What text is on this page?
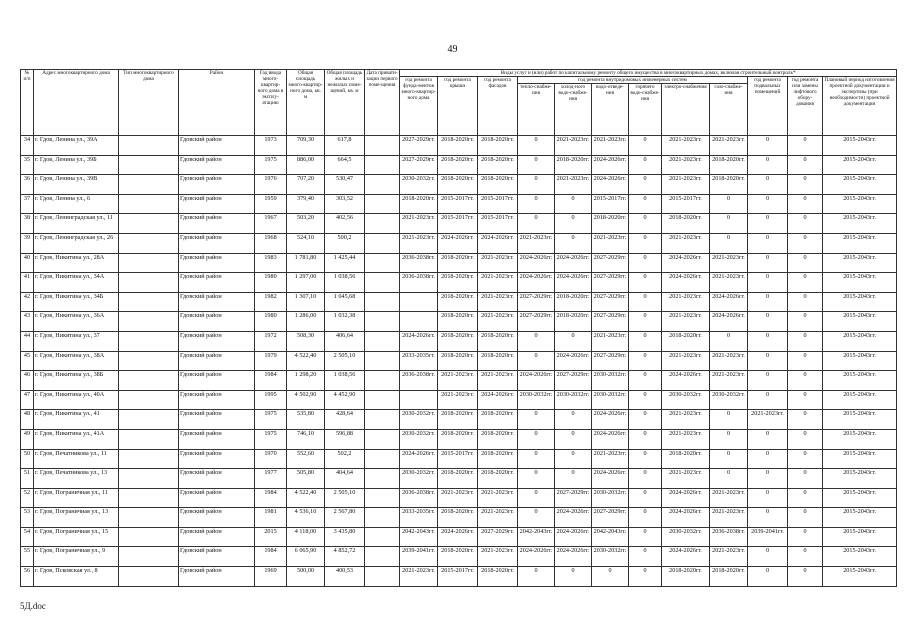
49
№ п/п	Адрес многоквартирного дома	Тип многоквартирного дома	Район	Год ввода много-квартир-ного дома в эксплу-атацию	Общая площадь много-квартир-ного дома, кв. м	Общая площадь жилых и нежилых поме-щений, кв. м	Дата привати-зации первого поме-щения	Виды услуг и (или) работ по капитальному ремонту общего имущества в многоквартирных домах, включая строительный контроль*											
								год ремонта фунда-ментов много-квартир-ного дома	год ремонта крыши	год ремонта фасадов	год ремонта внутридомовых инженерных систем						год ремонта подвальных помещений	год ремонта или замены лифтового обору-дования	Плановый период изготовления проектной документации и экспертизы (при необходимости) проектной документации
											тепло-снабже-ния	холод-ного водо-снабже-ния	водо-отведе-ния	горячего водо-снабже-ния	электро-снабжения	газо-снабже-ния			
34	г. Гдов, Ленина ул., 39А		Гдовский район	1973	709,30	617,8		2027-2029гг.	2018-2020гг.	2018-2020гг.	0	2021-2023гг.	2021-2023гг.	0	2021-2023гг.	2021-2023гг.	0	0	2015-2043гг.
35	г. Гдов, Ленина ул., 39Б		Гдовский район	1975	886,00	664,5		2027-2029гг.	2018-2020гг.	2018-2020гг.	0	2018-2020гг.	2024-2026гг.	0	2021-2023гг.	2018-2020гг.	0	0	2015-2043гг.
36	г. Гдов, Ленина ул., 39В		Гдовский район	1976	707,20	530,47		2030-2032гг.	2018-2020гг.	2018-2020гг.	0	2021-2023гг.	2024-2026гг.	0	2021-2023гг.	2018-2020гг.	0	0	2015-2043гг.
37	г. Гдов, Ленина ул., 6		Гдовский район	1959	379,40	303,52		2018-2020гг.	2015-2017гг.	2015-2017гг.	0	0	2015-2017гг.	0	2015-2017гг.	0	0	0	2015-2043гг.
38	г. Гдов, Ленинградская ул., 11		Гдовский район	1967	503,20	402,56		2021-2023гг.	2015-2017гг.	2015-2017гг.	0	0	2018-2020гг.	0	2018-2020гг.	0	0	0	2015-2043гг.
39	г. Гдов, Ленинградская ул., 26		Гдовский район	1968	524,10	500,2		2021-2023гг.	2024-2026гг.	2024-2026гг.	2021-2023гг.	0	2021-2023гг.	0	2021-2023гг.	0	0	0	2015-2043гг.
40	г. Гдов, Никитина ул., 28А		Гдовский район	1983	1 781,80	1 425,44		2036-2038гг.	2018-2020гг.	2021-2023гг.	2024-2026гг.	2024-2026гг.	2027-2029гг.	0	2024-2026гг.	2021-2023гг.	0	0	2015-2043гг.
41	г. Гдов, Никитина ул., 34А		Гдовский район	1980	1 297,00	1 038,56		2036-2038гг.	2018-2020гг.	2021-2023гг.	2024-2026гг.	2024-2026гг.	2027-2029гг.	0	2024-2026гг.	2021-2023гг.	0	0	2015-2043гг.
42	г. Гдов, Никитина ул., 34Б		Гдовский район	1982	1 307,10	1 045,68			2018-2020гг.	2021-2023гг.	2027-2029гг.	2018-2020гг.	2027-2029гг.	0	2021-2023гг.	2024-2026гг.	0	0	2015-2043гг.
43	г. Гдов, Никитина ул., 36А		Гдовский район	1980	1 286,00	1 032,38			2018-2020гг.	2021-2023гг.	2027-2029гг.	2018-2020гг.	2027-2029гг.	0	2021-2023гг.	2024-2026гг.	0	0	2015-2043гг.
44	г. Гдов, Никитина ул., 37		Гдовский район	1972	508,30	406,64		2024-2026гг.	2018-2020гг.	2018-2020гг.	0	0	2021-2023гг.	0	2018-2020гг.	0	0	0	2015-2043гг.
45	г. Гдов, Никитина ул., 38А		Гдовский район	1979	4 522,40	2 505,10		2033-2035гг.	2018-2020гг.	2018-2020гг.	0	2024-2026гг.	2027-2029гг.	0	2021-2023гг.	2021-2023гг.	0	0	2015-2043гг.
46	г. Гдов, Никитина ул., 38Б		Гдовский район	1984	1 298,20	1 038,56		2036-2038гг.	2021-2023гг.	2021-2023гг.	2024-2026гг.	2027-2029гг.	2030-2032гг.	0	2024-2026гг.	2021-2023гг.	0	0	2015-2043гг.
47	г. Гдов, Никитина ул., 40А		Гдовский район	1995	4 502,90	4 452,90			2021-2023гг.	2024-2026гг.	2030-2032гг.	2030-2032гг.	2030-2032гг.	0	2030-2032гг.	2030-2032гг.	0	0	2015-2043гг.
48	г. Гдов, Никитина ул., 41		Гдовский район	1975	535,80	428,64		2030-2032гг.	2018-2020гг.	2018-2020гг.	0	0	2024-2026гг.	0	2021-2023гг.	0	2021-2023гг.	0	2015-2043гг.
49	г. Гдов, Никитина ул., 41А		Гдовский район	1975	746,10	596,88		2030-2032гг.	2018-2020гг.	2018-2020гг.	0	0	2024-2026гг.	0	2021-2023гг.	0	0	0	2015-2043гг.
50	г. Гдов, Печатникова ул., 11		Гдовский район	1970	552,60	502,2		2024-2026гг.	2015-2017гг.	2018-2020гг.	0	0	2021-2023гг.	0	2018-2020гг.	0	0	0	2015-2043гг.
51	г. Гдов, Печатникова ул., 13		Гдовский район	1977	505,80	404,64		2030-2032гг.	2018-2020гг.	2018-2020гг.	0	0	2024-2026гг.	0	2021-2023гг.	0	0	0	2015-2043гг.
52	г. Гдов, Пограничная ул., 11		Гдовский район	1984	4 522,40	2 505,10		2036-2038гг.	2021-2023гг.	2021-2023гг.	0	2027-2029гг.	2030-2032гг.	0	2024-2026гг.	2021-2023гг.	0	0	2015-2043гг.
53	г. Гдов, Пограничная ул., 13		Гдовский район	1981	4 536,10	2 567,80		2033-2035гг.	2018-2020гг.	2021-2023гг.	0	2024-2026гг.	2027-2029гг.	0	2024-2026гг.	2021-2023гг.	0	0	2015-2043гг.
54	г. Гдов, Пограничная ул., 15		Гдовский район	2015	4 118,00	3 435,80		2042-2043гг.	2024-2026гг.	2027-2029гг.	2042-2043гг.	2024-2026гг.	2042-2043гг.	0	2030-2032гг.	2036-2038гг.	2039-2041гг.	0	2015-2043гг.
55	г. Гдов, Пограничная ул., 9		Гдовский район	1984	6 065,90	4 852,72		2039-2041гг.	2018-2020гг.	2021-2023гг.	2024-2026гг.	2024-2026гг.	2030-2032гг.	0	2024-2026гг.	2021-2023гг.	0	0	2015-2043гг.
56	г. Гдов, Псковская ул., 8		Гдовский район	1969	500,00	400,53		2021-2023гг.	2015-2017гг.	2018-2020гг.	0	0	0	0	2018-2020гг.	2018-2020гг.	0	0	2015-2043гг.
5Д.doc
